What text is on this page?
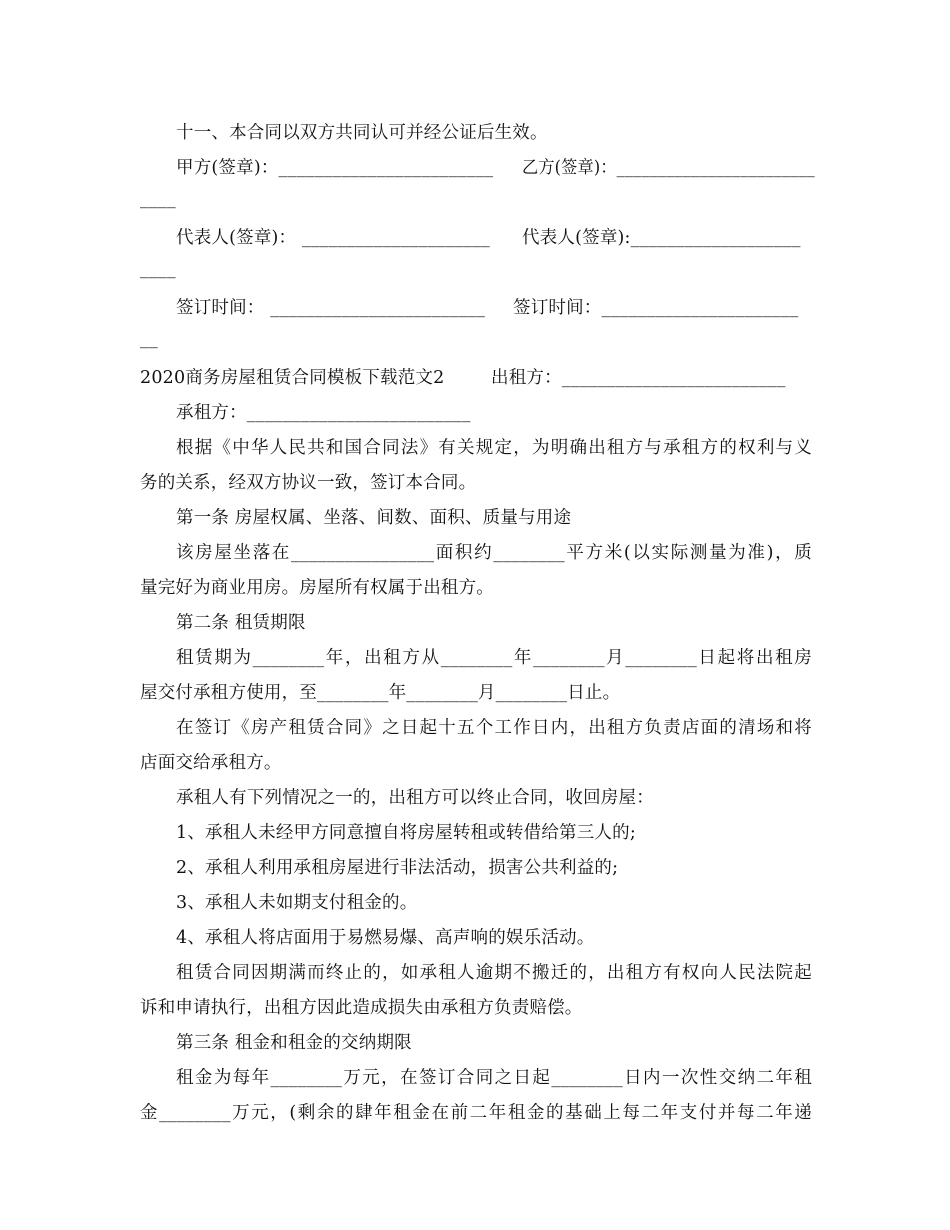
十一、本合同以双方共同认可并经公证后生效。
甲方(签章)：________________________ 乙方(签章)：________________________
____
代表人(签章)： _____________________ 代表人(签章):___________________
____
签订时间： ________________________ 签订时间：______________________
__
2020商务房屋租赁合同模板下载范文2	出租方：_________________________
承租方：_________________________
根据《中华人民共和国合同法》有关规定，为明确出租方与承租方的权利与义
务的关系，经双方协议一致，签订本合同。
第一条 房屋权属、坐落、间数、面积、质量与用途
该房屋坐落在________________面积约________平方米(以实际测量为准)，质
量完好为商业用房。房屋所有权属于出租方。
第二条 租赁期限
租赁期为________年，出租方从________年________月________日起将出租房
屋交付承租方使用，至________年________月________日止。
在签订《房产租赁合同》之日起十五个工作日内，出租方负责店面的清场和将
店面交给承租方。
承租人有下列情况之一的，出租方可以终止合同，收回房屋：
1、承租人未经甲方同意擅自将房屋转租或转借给第三人的;
2、承租人利用承租房屋进行非法活动，损害公共利益的;
3、承租人未如期支付租金的。
4、承租人将店面用于易燃易爆、高声响的娱乐活动。
租赁合同因期满而终止的，如承租人逾期不搬迁的，出租方有权向人民法院起
诉和申请执行，出租方因此造成损失由承租方负责赔偿。
第三条 租金和租金的交纳期限
租金为每年________万元，在签订合同之日起________日内一次性交纳二年租
金________万元，(剩余的肆年租金在前二年租金的基础上每二年支付并每二年递
